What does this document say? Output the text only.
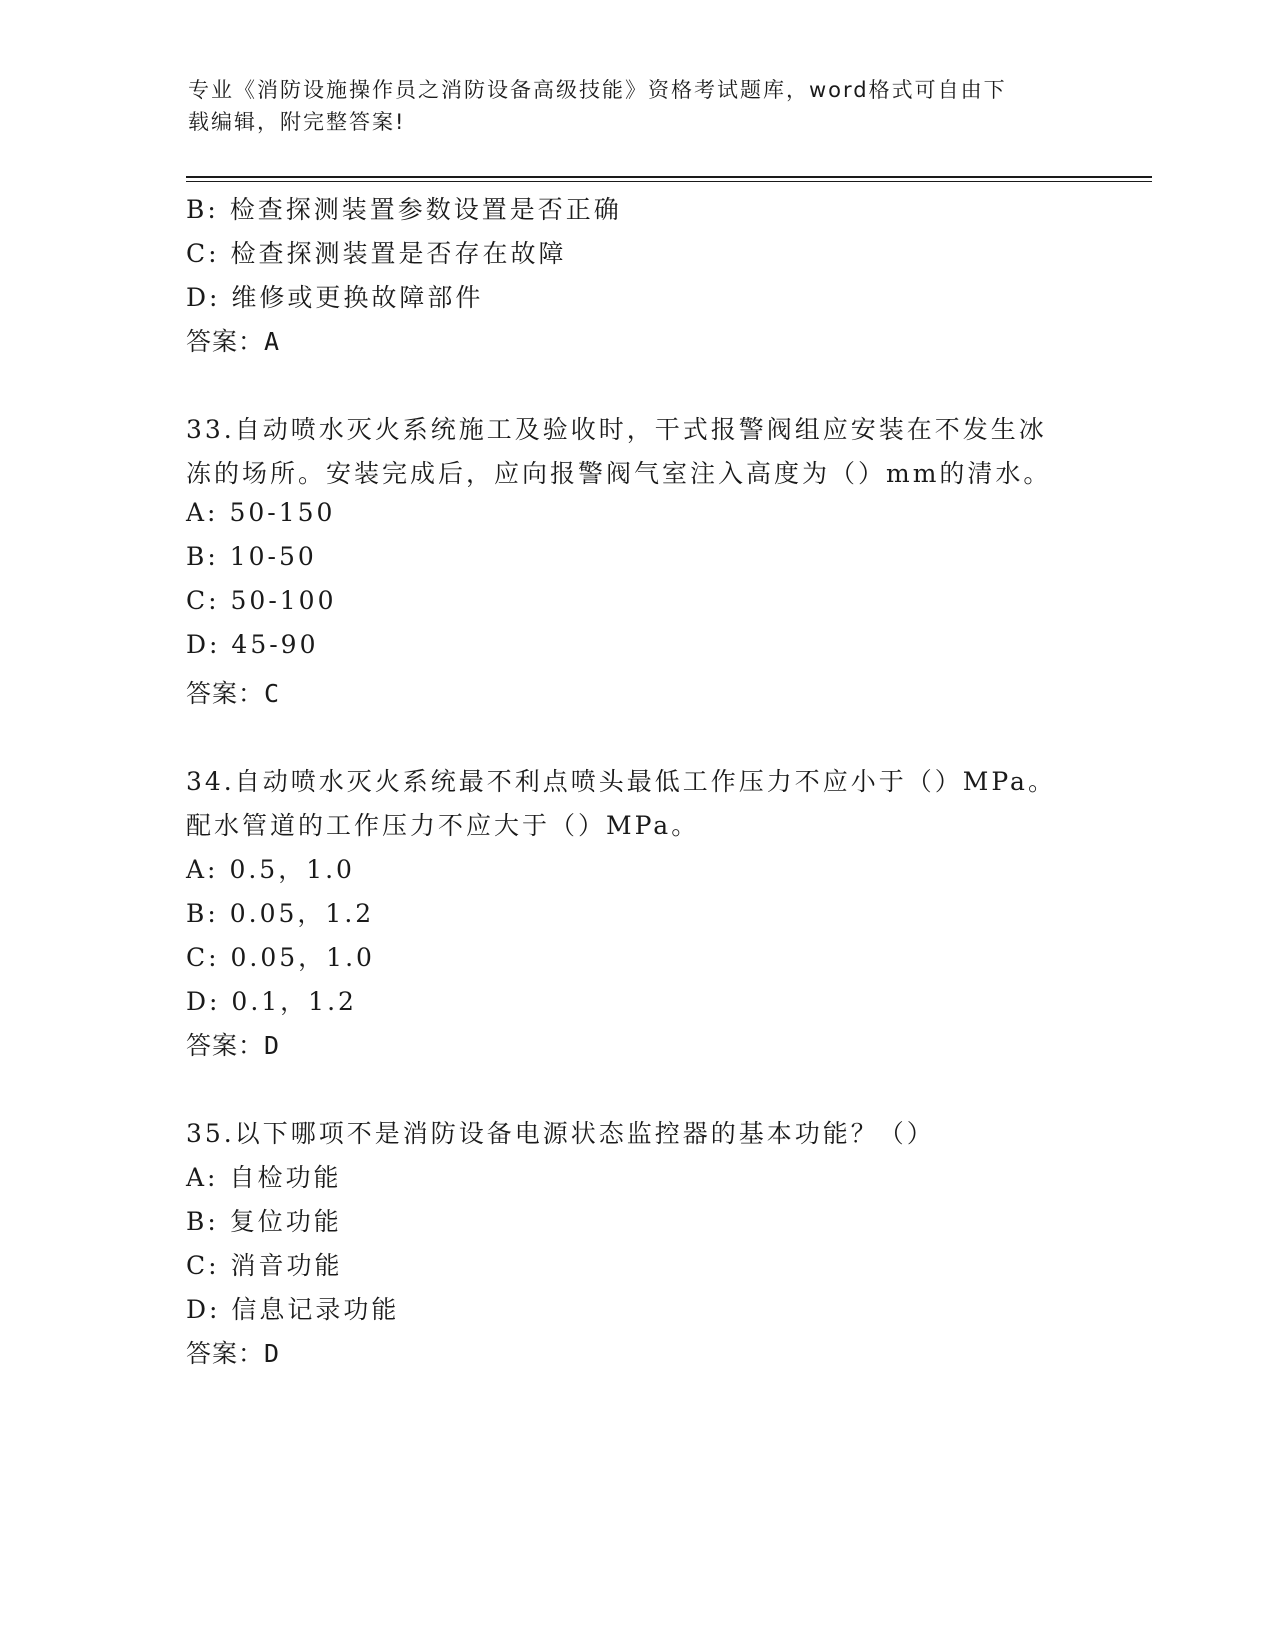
专业《消防设施操作员之消防设备高级技能》资格考试题库，word格式可自由下
载编辑，附完整答案!
B: 检查探测装置参数设置是否正确
C: 检查探测装置是否存在故障
D: 维修或更换故障部件
答案：A
33.自动喷水灭火系统施工及验收时，干式报警阀组应安装在不发生冰
冻的场所。安装完成后，应向报警阀气室注入高度为（）mm的清水。
A: 50-150
B: 10-50
C: 50-100
D: 45-90
答案：C
34.自动喷水灭火系统最不利点喷头最低工作压力不应小于（）MPa。
配水管道的工作压力不应大于（）MPa。
A: 0.5，1.0
B: 0.05，1.2
C: 0.05，1.0
D: 0.1，1.2
答案：D
35.以下哪项不是消防设备电源状态监控器的基本功能？（）
A: 自检功能
B: 复位功能
C: 消音功能
D: 信息记录功能
答案：D
